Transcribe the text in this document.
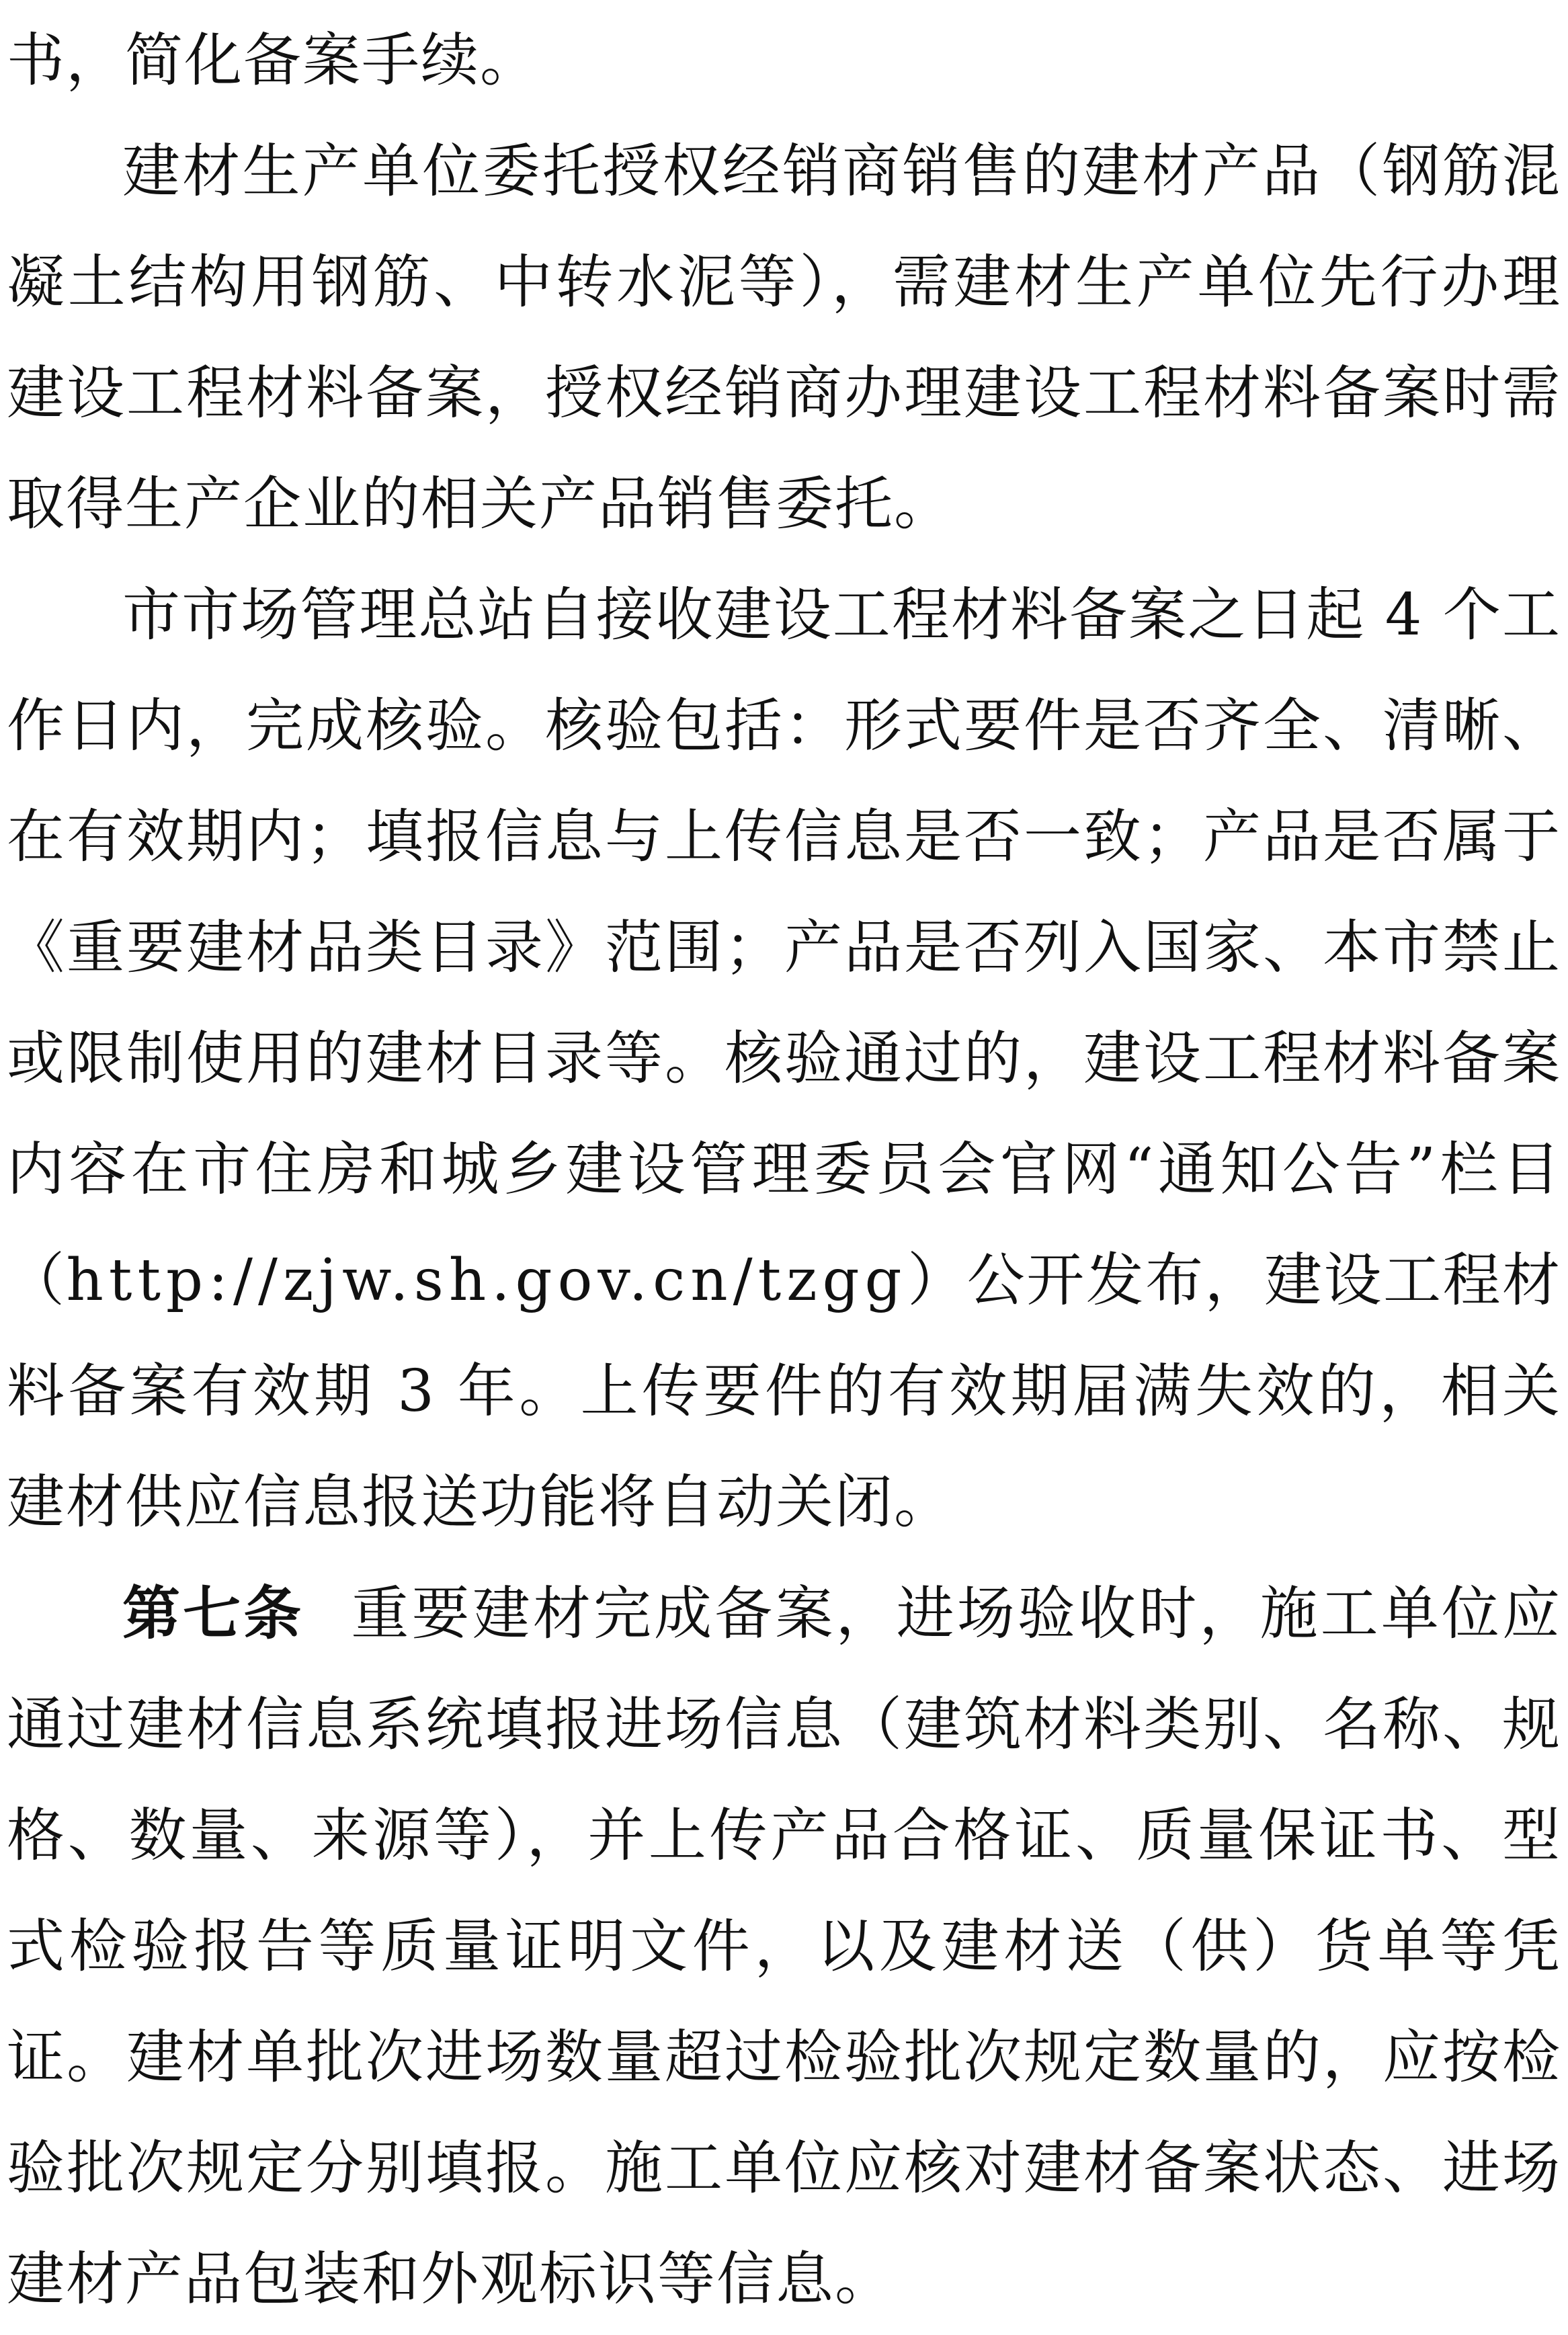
书，简化备案手续。

建材生产单位委托授权经销商销售的建材产品（钢筋混凝土结构用钢筋、中转水泥等），需建材生产单位先行办理建设工程材料备案，授权经销商办理建设工程材料备案时需取得生产企业的相关产品销售委托。

市市场管理总站自接收建设工程材料备案之日起 4 个工作日内，完成核验。核验包括：形式要件是否齐全、清晰、在有效期内；填报信息与上传信息是否一致；产品是否属于《重要建材品类目录》范围；产品是否列入国家、本市禁止或限制使用的建材目录等。核验通过的，建设工程材料备案内容在市住房和城乡建设管理委员会官网“通知公告”栏目（http://zjw.sh.gov.cn/tzgg）公开发布，建设工程材料备案有效期 3 年。上传要件的有效期届满失效的，相关建材供应信息报送功能将自动关闭。

第七条 重要建材完成备案，进场验收时，施工单位应通过建材信息系统填报进场信息（建筑材料类别、名称、规格、数量、来源等），并上传产品合格证、质量保证书、型式检验报告等质量证明文件，以及建材送（供）货单等凭证。建材单批次进场数量超过检验批次规定数量的，应按检验批次规定分别填报。施工单位应核对建材备案状态、进场建材产品包装和外观标识等信息。
